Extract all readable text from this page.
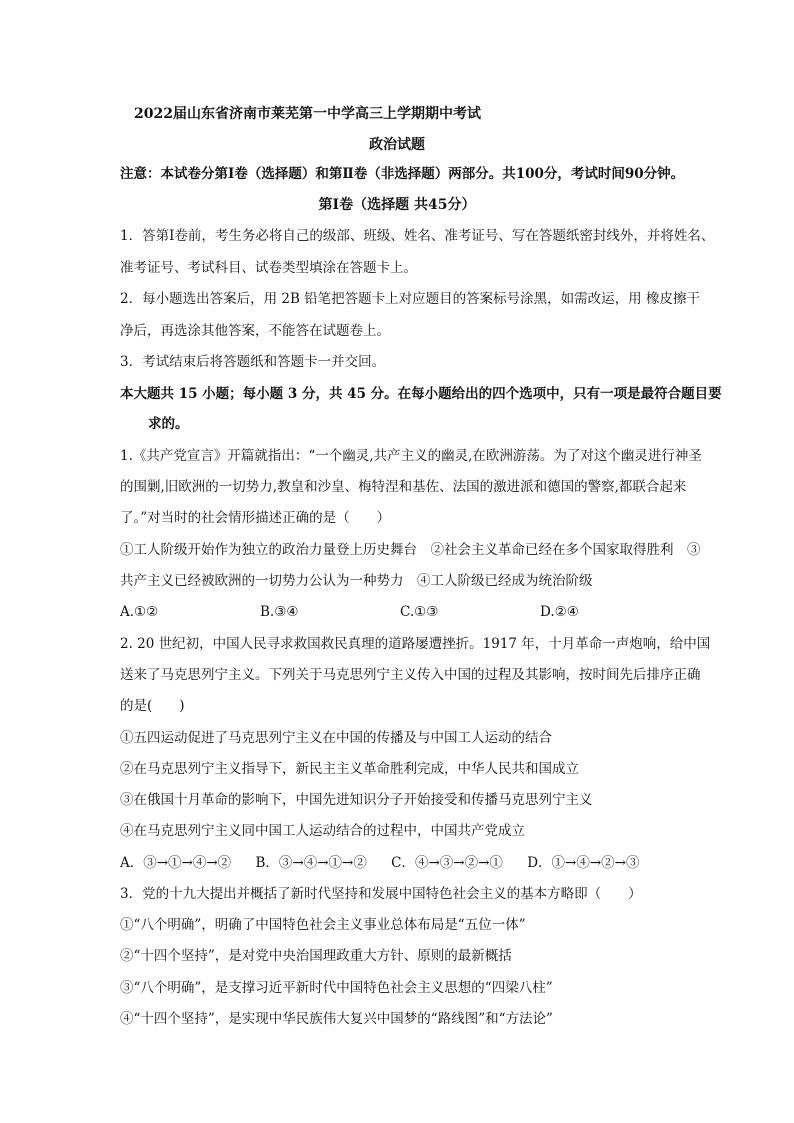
2022届山东省济南市莱芜第一中学高三上学期期中考试
政治试题
注意：本试卷分第Ⅰ卷（选择题）和第Ⅱ卷（非选择题）两部分。共100分，考试时间90分钟。
第Ⅰ卷（选择题 共45分）
1．答第Ⅰ卷前，考生务必将自己的级部、班级、姓名、准考证号、写在答题纸密封线外，并将姓名、
准考证号、考试科目、试卷类型填涂在答题卡上。
2．每小题选出答案后，用 2B 铅笔把答题卡上对应题目的答案标号涂黑，如需改运，用 橡皮擦干
净后，再选涂其他答案，不能答在试题卷上。
3．考试结束后将答题纸和答题卡一并交回。
本大题共 15 小题；每小题 3 分，共 45 分。在每小题给出的四个选项中，只有一项是最符合题目要
求的。
1.《共产党宣言》开篇就指出：“一个幽灵,共产主义的幽灵,在欧洲游荡。为了对这个幽灵进行神圣
的围剿,旧欧洲的一切势力,教皇和沙皇、梅特涅和基佐、法国的激进派和德国的警察,都联合起来
了。”对当时的社会情形描述正确的是（　　）
①工人阶级开始作为独立的政治力量登上历史舞台　②社会主义革命已经在多个国家取得胜利　③
共产主义已经被欧洲的一切势力公认为一种势力　④工人阶级已经成为统治阶级
A.①②	B.③④	C.①③	D.②④
2. 20 世纪初，中国人民寻求救国救民真理的道路屡遭挫折。1917 年，十月革命一声炮响，给中国
送来了马克思列宁主义。下列关于马克思列宁主义传入中国的过程及其影响，按时间先后排序正确
的是(　　)
①五四运动促进了马克思列宁主义在中国的传播及与中国工人运动的结合
②在马克思列宁主义指导下，新民主主义革命胜利完成，中华人民共和国成立
③在俄国十月革命的影响下，中国先进知识分子开始接受和传播马克思列宁主义
④在马克思列宁主义同中国工人运动结合的过程中，中国共产党成立
A．③→①→④→② B．③→④→①→② C．④→③→②→① D．①→④→②→③
3．党的十九大提出并概括了新时代坚持和发展中国特色社会主义的基本方略即（　　）
①“八个明确”，明确了中国特色社会主义事业总体布局是“五位一体”
②“十四个坚持”，是对党中央治国理政重大方针、原则的最新概括
③“八个明确”，是支撑习近平新时代中国特色社会主义思想的“四梁八柱”
④“十四个坚持”，是实现中华民族伟大复兴中国梦的“路线图”和“方法论”
